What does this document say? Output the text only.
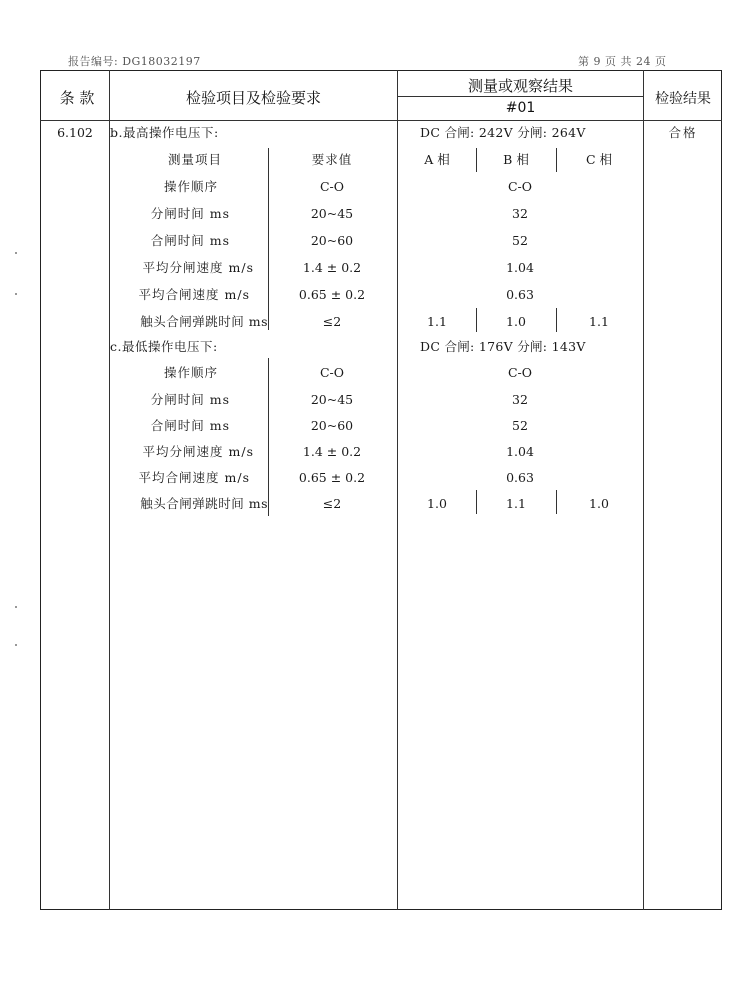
报告编号: DG18032197	第 9 页 共 24 页
条 款	检验项目及检验要求
测量或观察结果
#01
检验结果
6.102	合格
b.最高操作电压下:	DC 合闸: 242V 分闸: 264V
测量项目	要求值	A 相	B 相	C 相
操作顺序	C-O	C-O
分闸时间 ms	20~45	32
合闸时间 ms	20~60	52
平均分闸速度 m/s	1.4 ± 0.2	1.04
平均合闸速度 m/s	0.65 ± 0.2	0.63
触头合闸弹跳时间 ms	≤2	1.1	1.0	1.1
c.最低操作电压下:	DC 合闸: 176V 分闸: 143V
操作顺序	C-O	C-O
分闸时间 ms	20~45	32
合闸时间 ms	20~60	52
平均分闸速度 m/s	1.4 ± 0.2	1.04
平均合闸速度 m/s	0.65 ± 0.2	0.63
触头合闸弹跳时间 ms	≤2	1.0	1.1	1.0
